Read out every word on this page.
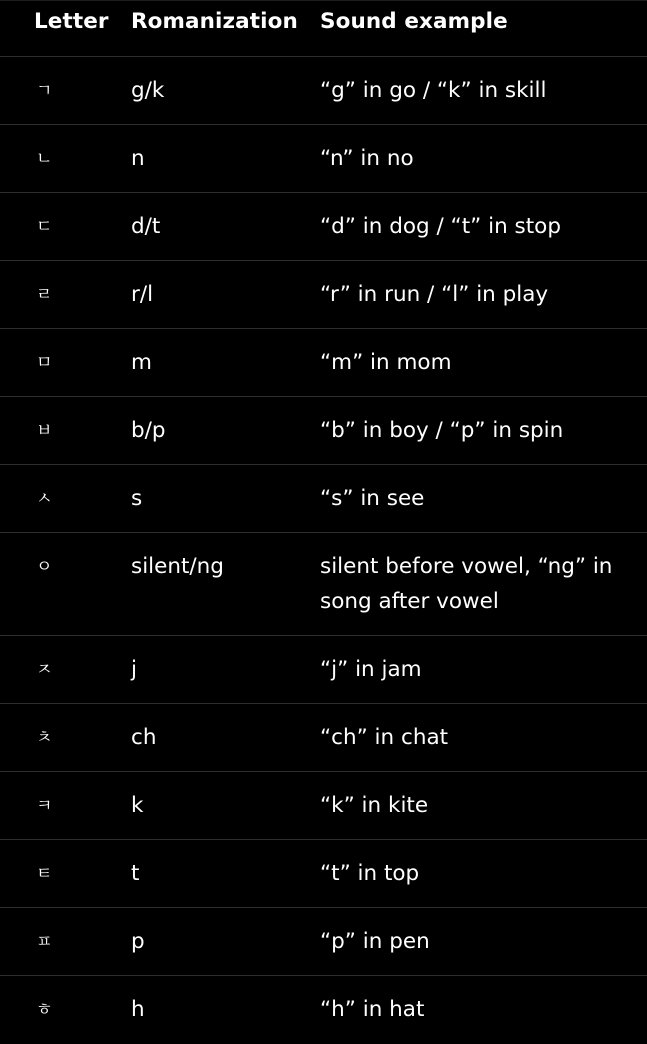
Letter Romanization Sound example
ㄱ	g/k	“g” in go / “k” in skill
ㄴ	n	“n” in no
ㄷ	d/t	“d” in dog / “t” in stop
ㄹ	r/l	“r” in run / “l” in play
ㅁ	m	“m” in mom
ㅂ	b/p	“b” in boy / “p” in spin
ㅅ	s	“s” in see
ㅇ	silent/ng	silent before vowel, “ng” in song after vowel
ㅈ	j	“j” in jam
ㅊ	ch	“ch” in chat
ㅋ	k	“k” in kite
ㅌ	t	“t” in top
ㅍ	p	“p” in pen
ㅎ	h	“h” in hat
